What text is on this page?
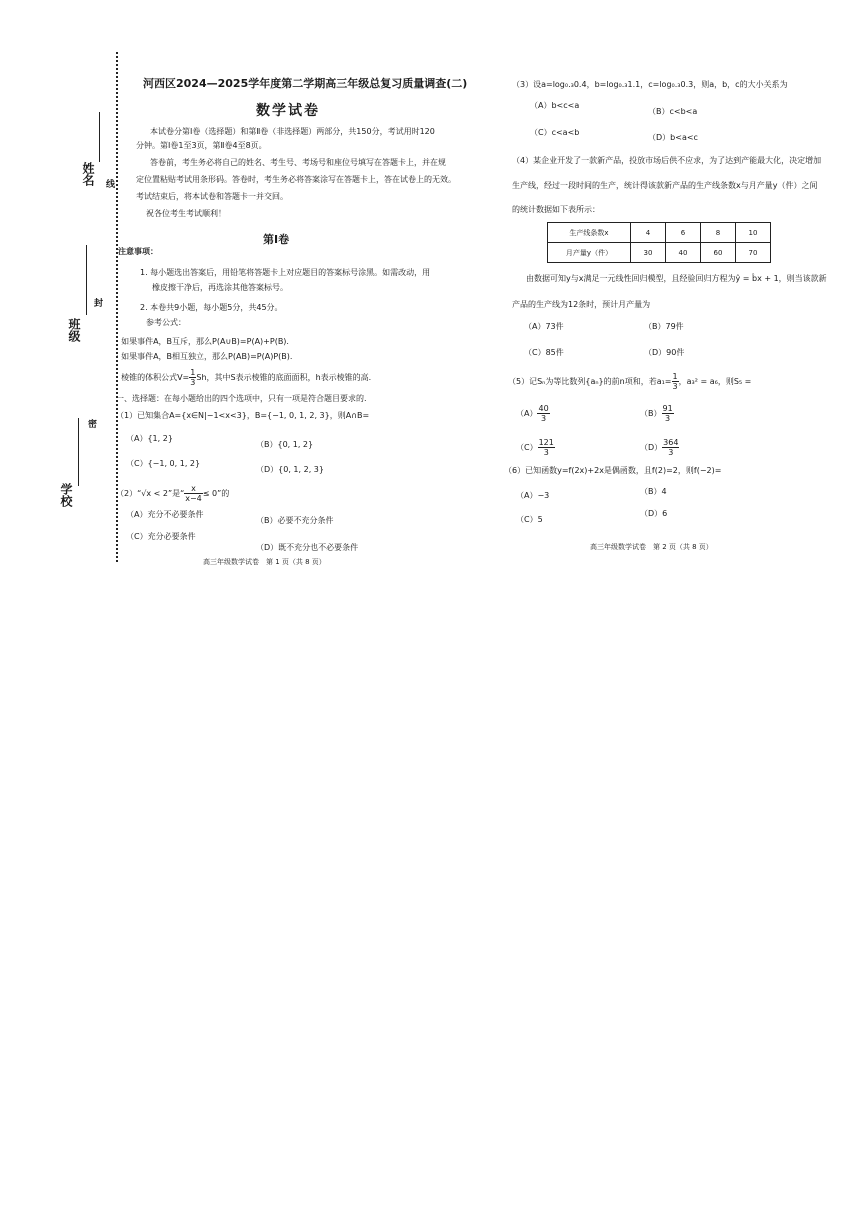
姓名
班级
学校
线
封
密
河西区2024—2025学年度第二学期高三年级总复习质量调查(二)
数学试卷
本试卷分第Ⅰ卷（选择题）和第Ⅱ卷（非选择题）两部分，共150分，考试用时120
分钟。第Ⅰ卷1至3页，第Ⅱ卷4至8页。
答卷前，考生务必将自己的姓名、考生号、考场号和座位号填写在答题卡上，并在规
定位置粘贴考试用条形码。答卷时，考生务必将答案涂写在答题卡上，答在试卷上的无效。
考试结束后，将本试卷和答题卡一并交回。
祝各位考生考试顺利！
第Ⅰ卷
注意事项：
1. 每小题选出答案后，用铅笔将答题卡上对应题目的答案标号涂黑。如需改动，用
橡皮擦干净后，再选涂其他答案标号。
2. 本卷共9小题，每小题5分，共45分。
参考公式：
· 如果事件A，B互斥，那么P(A∪B)=P(A)+P(B).
· 如果事件A，B相互独立，那么P(AB)=P(A)P(B).
· 棱锥的体积公式$V= \frac{1}{3}$ Sh，其中S表示棱锥的底面面积，h表示棱锥的高.
一、选择题：在每小题给出的四个选项中，只有一项是符合题目要求的.
（1）已知集合A={x∈N|−1<x<3}，B={−1, 0, 1, 2, 3}，则A∩B=
（A）{1, 2}
（B）{0, 1, 2}
（C）{−1, 0, 1, 2}
（D）{0, 1, 2, 3}
（2）“√x < 2”是“ $\frac{x}{x-4} \le 0$”的
（A）充分不必要条件
（B）必要不充分条件
（C）充分必要条件
（D）既不充分也不必要条件
高三年级数学试卷　第 1 页（共 8 页）
（3）设a=log₀.₃0.4，b=log₀.₃1.1，c=log₀.₃0.3，则a，b，c的大小关系为
（A）b<c<a
（B）c<b<a
（C）c<a<b
（D）b<a<c
（4）某企业开发了一款新产品，投放市场后供不应求，为了达到产能最大化，决定增加
生产线，经过一段时间的生产，统计得该款新产品的生产线条数x与月产量y（件）之间
的统计数据如下表所示：
生产线条数x	4	6	8	10
月产量y（件）	30	40	60	70
由数据可知y与x满足一元线性回归模型，且经验回归方程为ŷ = b̂x + 1，则当该款新
产品的生产线为12条时，预计月产量为
（A）73件	（B）79件
（C）85件	（D）90件
（5）记Sₙ为等比数列{aₙ}的前n项和，若$a_1= \frac{1}{3}$ ，a₃² = a₆，则S₅ =
$(A) \frac{40}{3}$	$(B) \frac{91}{3}$
$(C) \frac{121}{3}$	$(D) \frac{364}{3}$
（6）已知函数y=f(2x)+2x是偶函数，且f(2)=2，则f(−2)=
（A）−3	（B）4
（C）5
（D）6
高三年级数学试卷　第 2 页（共 8 页）
